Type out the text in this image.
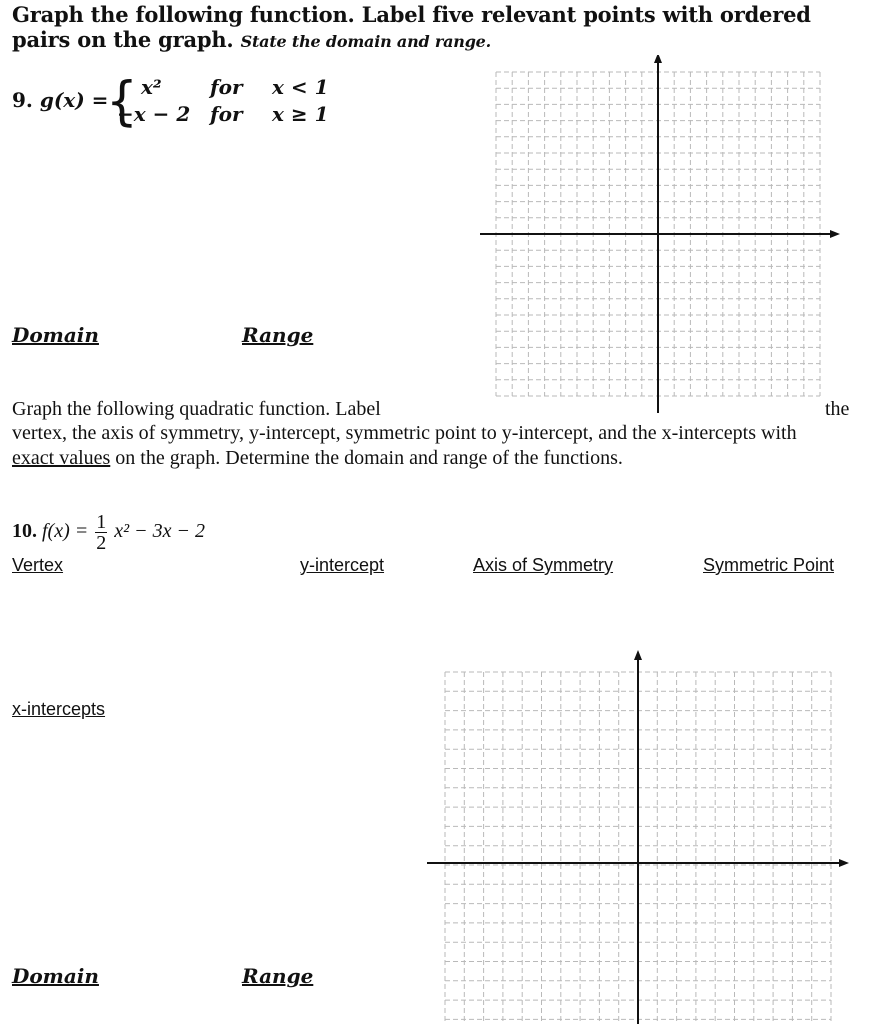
Graph the following function. Label five relevant points with ordered pairs on the graph. State the domain and range.
9. g(x) =
{ x² for x < 1
−x − 2 for x ≥ 1
Domain	Range
Graph the following quadratic function. Label	the
vertex, the axis of symmetry, y-intercept, symmetric point to y-intercept, and the x-intercepts with exact values on the graph. Determine the domain and range of the functions.
10. $f(x) = \frac{1}{2} x^2 - 3x - 2$
Vertex	y-intercept	Axis of Symmetry	Symmetric Point
x-intercepts
Domain	Range
